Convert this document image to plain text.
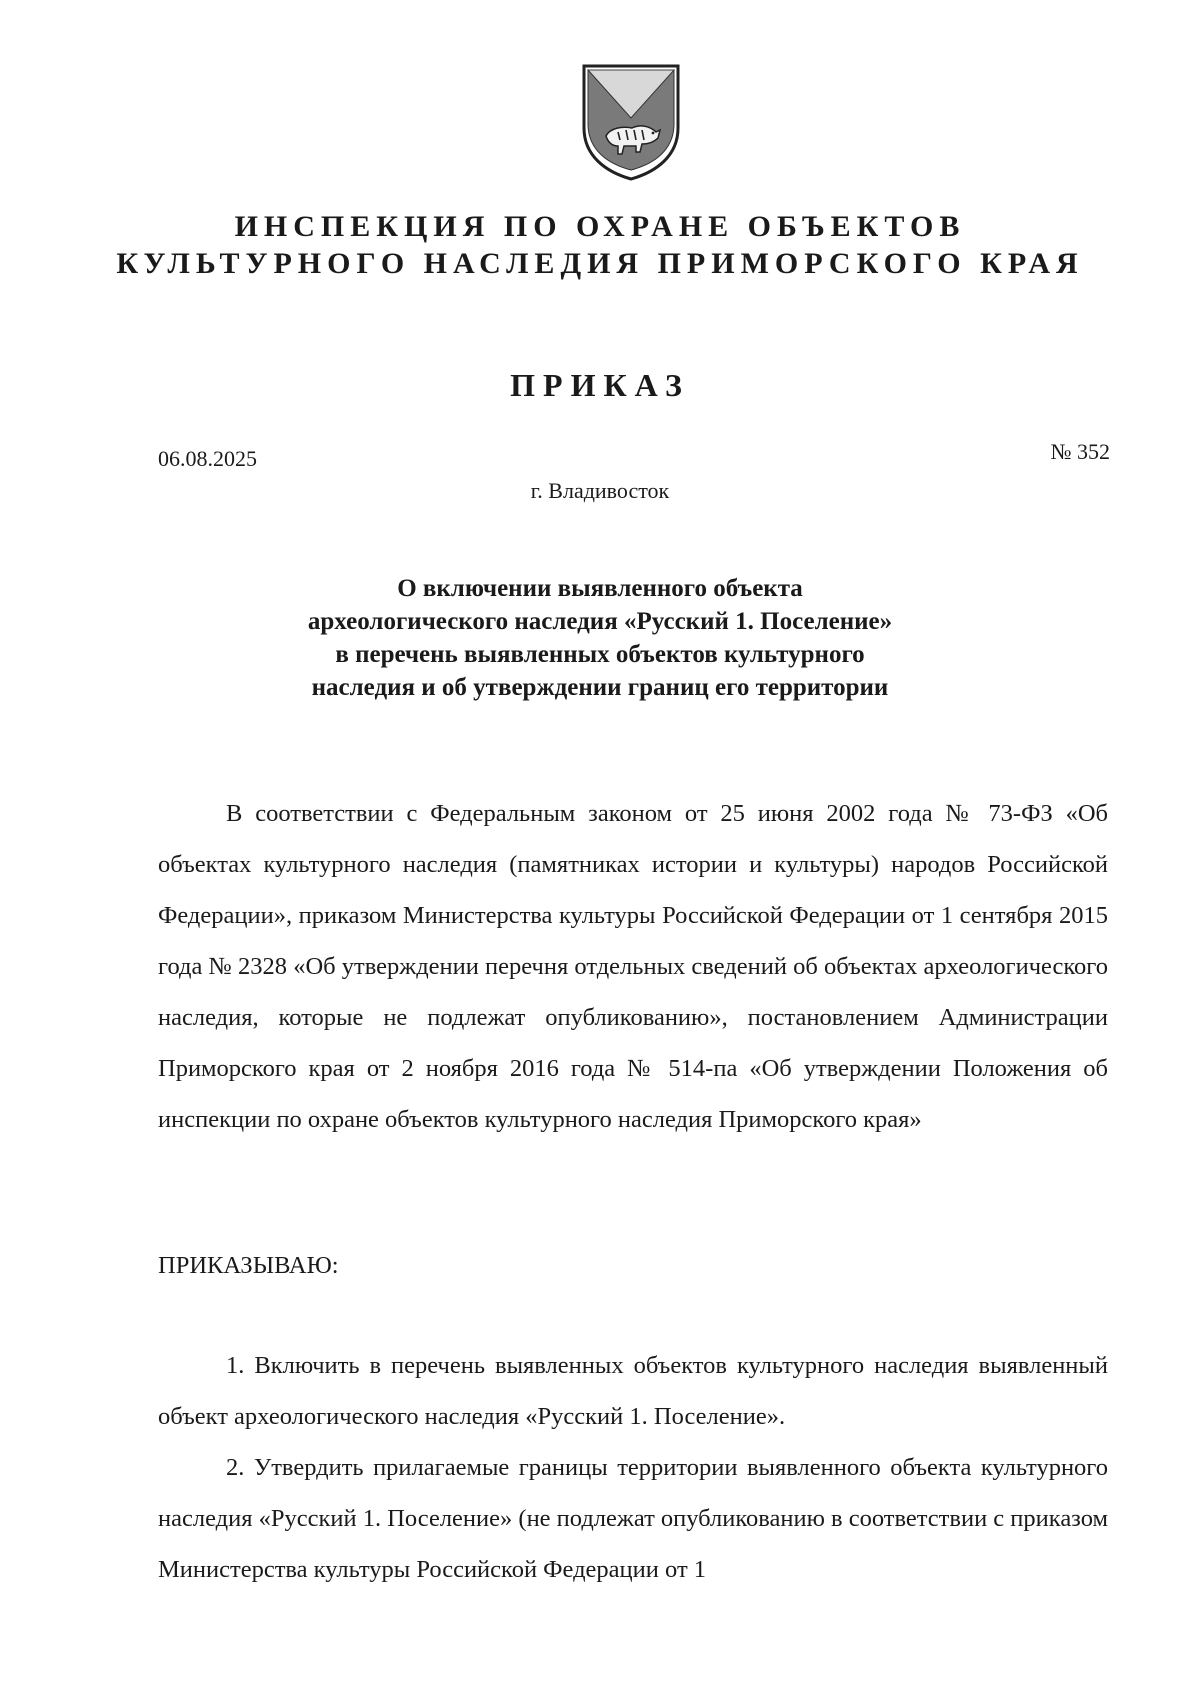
ИНСПЕКЦИЯ ПО ОХРАНЕ ОБЪЕКТОВ
КУЛЬТУРНОГО НАСЛЕДИЯ ПРИМОРСКОГО КРАЯ
ПРИКАЗ
06.08.2025	№ 352
г. Владивосток
О включении выявленного объекта археологического наследия «Русский 1. Поселение» в перечень выявленных объектов культурного наследия и об утверждении границ его территории

В соответствии с Федеральным законом от 25 июня 2002 года № 73-ФЗ «Об объектах культурного наследия (памятниках истории и культуры) народов Российской Федерации», приказом Министерства культуры Российской Федерации от 1 сентября 2015 года № 2328 «Об утверждении перечня отдельных сведений об объектах археологического наследия, которые не подлежат опубликованию», постановлением Администрации Приморского края от 2 ноября 2016 года № 514-па «Об утверждении Положения об инспекции по охране объектов культурного наследия Приморского края»

ПРИКАЗЫВАЮ:

1. Включить в перечень выявленных объектов культурного наследия выявленный объект археологического наследия «Русский 1. Поселение».

2. Утвердить прилагаемые границы территории выявленного объекта культурного наследия «Русский 1. Поселение» (не подлежат опубликованию в соответствии с приказом Министерства культуры Российской Федерации от 1
